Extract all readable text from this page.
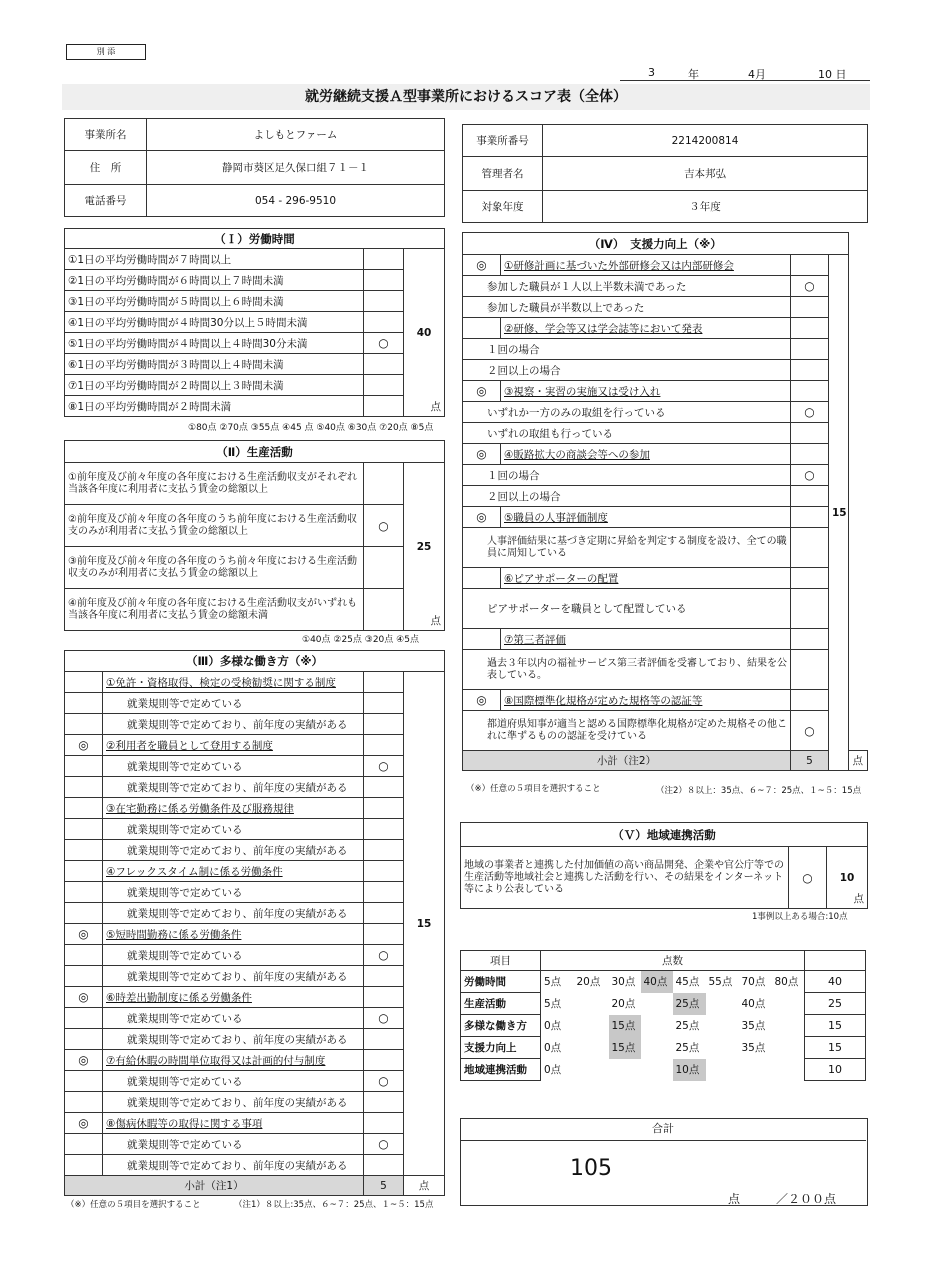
別 添
3	年	4月	10 日
就労継続支援Ａ型事業所におけるスコア表（全体）
事業所名	よしもとファーム
住　所	静岡市葵区足久保口組７１－１
電話番号	054 - 296-9510
事業所番号	2214200814
管理者名	吉本邦弘
対象年度	３年度
（Ｉ）労働時間		
①1日の平均労働時間が７時間以上		40
点

②1日の平均労働時間が６時間以上７時間未満		
③1日の平均労働時間が５時間以上６時間未満		
④1日の平均労働時間が４時間30分以上５時間未満		
⑤1日の平均労働時間が４時間以上４時間30分未満	○	
⑥1日の平均労働時間が３時間以上４時間未満		
⑦1日の平均労働時間が２時間以上３時間未満		
⑧1日の平均労働時間が２時間未満		
①80点 ②70点 ③55点 ④45 点 ⑤40点 ⑥30点 ⑦20点 ⑧5点
（Ⅱ）生産活動		
①前年度及び前々年度の各年度における生産活動収支がそれぞれ当該各年度に利用者に支払う賃金の総額以上		25
点

②前年度及び前々年度の各年度のうち前年度における生産活動収支のみが利用者に支払う賃金の総額以上	○	
③前年度及び前々年度の各年度のうち前々年度における生産活動収支のみが利用者に支払う賃金の総額以上		
④前年度及び前々年度の各年度における生産活動収支がいずれも当該各年度に利用者に支払う賃金の総額未満		
①40点 ②25点 ③20点 ④5点
（Ⅲ）多様な働き方（※）			
	①免許・資格取得、検定の受検勧奨に関する制度		15
	就業規則等で定めている		
	就業規則等で定めており、前年度の実績がある		
◎	②利用者を職員として登用する制度		
	就業規則等で定めている	○	
	就業規則等で定めており、前年度の実績がある		
	③在宅勤務に係る労働条件及び服務規律		
	就業規則等で定めている		
	就業規則等で定めており、前年度の実績がある		
	④フレックスタイム制に係る労働条件		
	就業規則等で定めている		
	就業規則等で定めており、前年度の実績がある		
◎	⑤短時間勤務に係る労働条件		
	就業規則等で定めている	○	
	就業規則等で定めており、前年度の実績がある		
◎	⑥時差出勤制度に係る労働条件		
	就業規則等で定めている	○	
	就業規則等で定めており、前年度の実績がある		
◎	⑦有給休暇の時間単位取得又は計画的付与制度		
	就業規則等で定めている	○	
	就業規則等で定めており、前年度の実績がある		
◎	⑧傷病休暇等の取得に関する事項		
	就業規則等で定めている	○	
	就業規則等で定めており、前年度の実績がある		
小計（注1）		5	点
（※）任意の５項目を選択すること	（注1）８以上:35点、６~７：25点、１~５：15点
（Ⅳ）　支援力向上（※）				
◎	①研修計画に基づいた外部研修会又は内部研修会		15	
参加した職員が１人以上半数未満であった		○		
参加した職員が半数以上であった				
	②研修、学会等又は学会誌等において発表			
１回の場合				
２回以上の場合				
◎	③視察・実習の実施又は受け入れ			
いずれか一方のみの取組を行っている		○		
いずれの取組も行っている				
◎	④販路拡大の商談会等への参加			
１回の場合		○		
２回以上の場合				
◎	⑤職員の人事評価制度			
人事評価結果に基づき定期に昇給を判定する制度を設け、全ての職員に周知している				
	⑥ピアサポーターの配置			
ピアサポーターを職員として配置している				
	⑦第三者評価			
過去３年以内の福祉サービス第三者評価を受審しており、結果を公表している。				
◎	⑧国際標準化規格が定めた規格等の認証等			
都道府県知事が適当と認める国際標準化規格が定めた規格その他これに準ずるものの認証を受けている		○		
小計（注2）		5		点
（※）任意の５項目を選択すること	（注2）８以上：35点、６~７：25点、１~５：15点
（Ｖ）地域連携活動
地域の事業者と連携した付加価値の高い商品開発、企業や官公庁等での生産活動等地域社会と連携した活動を行い、その結果をインターネット等により公表している	○	10
点
1事例以上ある場合:10点
項目	点数								
労働時間	5点	20点	30点	40点	45点	55点	70点	80点	40
生産活動	5点		20点		25点		40点		25
多様な働き方	0点		15点		25点		35点		15
支援力向上	0点		15点		25点		35点		15
地域連携活動	0点				10点				10
合計
105
点	／２００点
